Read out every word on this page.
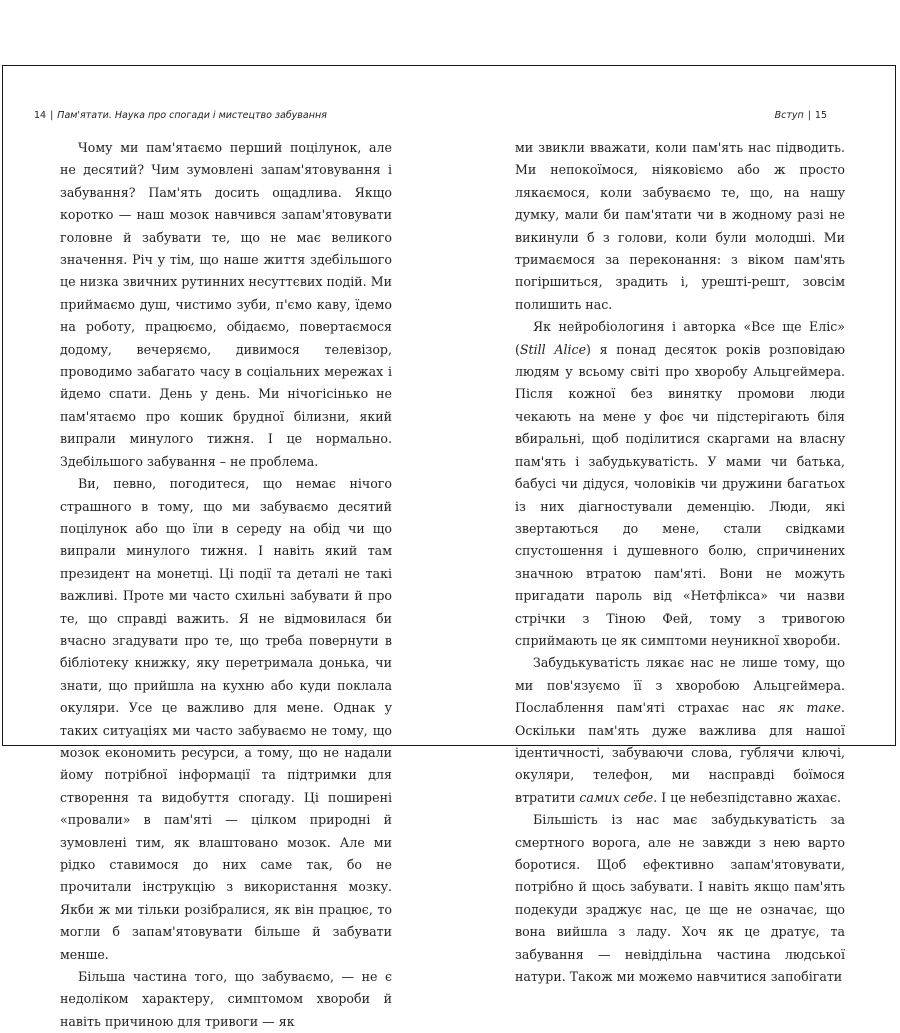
14 | Пам'ятати. Наука про спогади і мистецтво забування

Чому ми пам'ятаємо перший поцілунок, але не десятий? Чим зумовлені запам'ятовування і забування? Пам'ять досить ощадлива. Якщо коротко — наш мозок навчився запам'ятовувати головне й забувати те, що не має великого значення. Річ у тім, що наше життя здебільшого це низка звичних рутинних несуттєвих подій. Ми приймаємо душ, чистимо зуби, п'ємо каву, їдемо на роботу, працюємо, обідаємо, повертаємося додому, вечеряємо, дивимося телевізор, проводимо забагато часу в соціальних мережах і йдемо спати. День у день. Ми нічогісінько не пам'ятаємо про кошик брудної білизни, який випрали минулого тижня. І це нормально. Здебільшого забування – не проблема.

Ви, певно, погодитеся, що немає нічого страшного в тому, що ми забуваємо десятий поцілунок або що їли в середу на обід чи що випрали минулого тижня. І навіть який там президент на монетці. Ці події та деталі не такі важливі. Проте ми часто схильні забувати й про те, що справді важить. Я не відмовилася би вчасно згадувати про те, що треба повернути в бібліотеку книжку, яку перетримала донька, чи знати, що прийшла на кухню або куди поклала окуляри. Усе це важливо для мене. Однак у таких ситуаціях ми часто забуваємо не тому, що мозок економить ресурси, а тому, що не надали йому потрібної інформації та підтримки для створення та видобуття спогаду. Ці поширені «провали» в пам'яті — цілком природні й зумовлені тим, як влаштовано мозок. Але ми рідко ставимося до них саме так, бо не прочитали інструкцію з використання мозку. Якби ж ми тільки розібралися, як він працює, то могли б запам'ятовувати більше й забувати менше.

Більша частина того, що забуваємо, — не є недоліком характеру, симптомом хвороби й навіть причиною для тривоги — як

Вступ | 15

ми звикли вважати, коли пам'ять нас підводить. Ми непокоїмося, ніяковіємо або ж просто лякаємося, коли забуваємо те, що, на нашу думку, мали би пам'ятати чи в жодному разі не викинули б з голови, коли були молодші. Ми тримаємося за переконання: з віком пам'ять погіршиться, зрадить і, урешті-решт, зовсім полишить нас.

Як нейробіологиня і авторка «Все ще Еліс» (Still Alice) я понад десяток років розповідаю людям у всьому світі про хворобу Альцгеймера. Після кожної без винятку промови люди чекають на мене у фоє чи підстерігають біля вбиральні, щоб поділитися скаргами на власну пам'ять і забудькуватість. У мами чи батька, бабусі чи дідуся, чоловіків чи дружини багатьох із них діагностували деменцію. Люди, які звертаються до мене, стали свідками спустошення і душевного болю, спричинених значною втратою пам'яті. Вони не можуть пригадати пароль від «Нетфлікса» чи назви стрічки з Тіною Фей, тому з тривогою сприймають це як симптоми неуникної хвороби.

Забудькуватість лякає нас не лише тому, що ми пов'язуємо її з хворобою Альцгеймера. Послаблення пам'яті страхає нас як таке. Оскільки пам'ять дуже важлива для нашої ідентичності, забуваючи слова, гублячи ключі, окуляри, телефон, ми насправді боїмося втратити самих себе. І це небезпідставно жахає.

Більшість із нас має забудькуватість за смертного ворога, але не завжди з нею варто боротися. Щоб ефективно запам'ятовувати, потрібно й щось забувати. І навіть якщо пам'ять подекуди зраджує нас, це ще не означає, що вона вийшла з ладу. Хоч як це дратує, та забування — невіддільна частина людської натури. Також ми можемо навчитися запобігати
